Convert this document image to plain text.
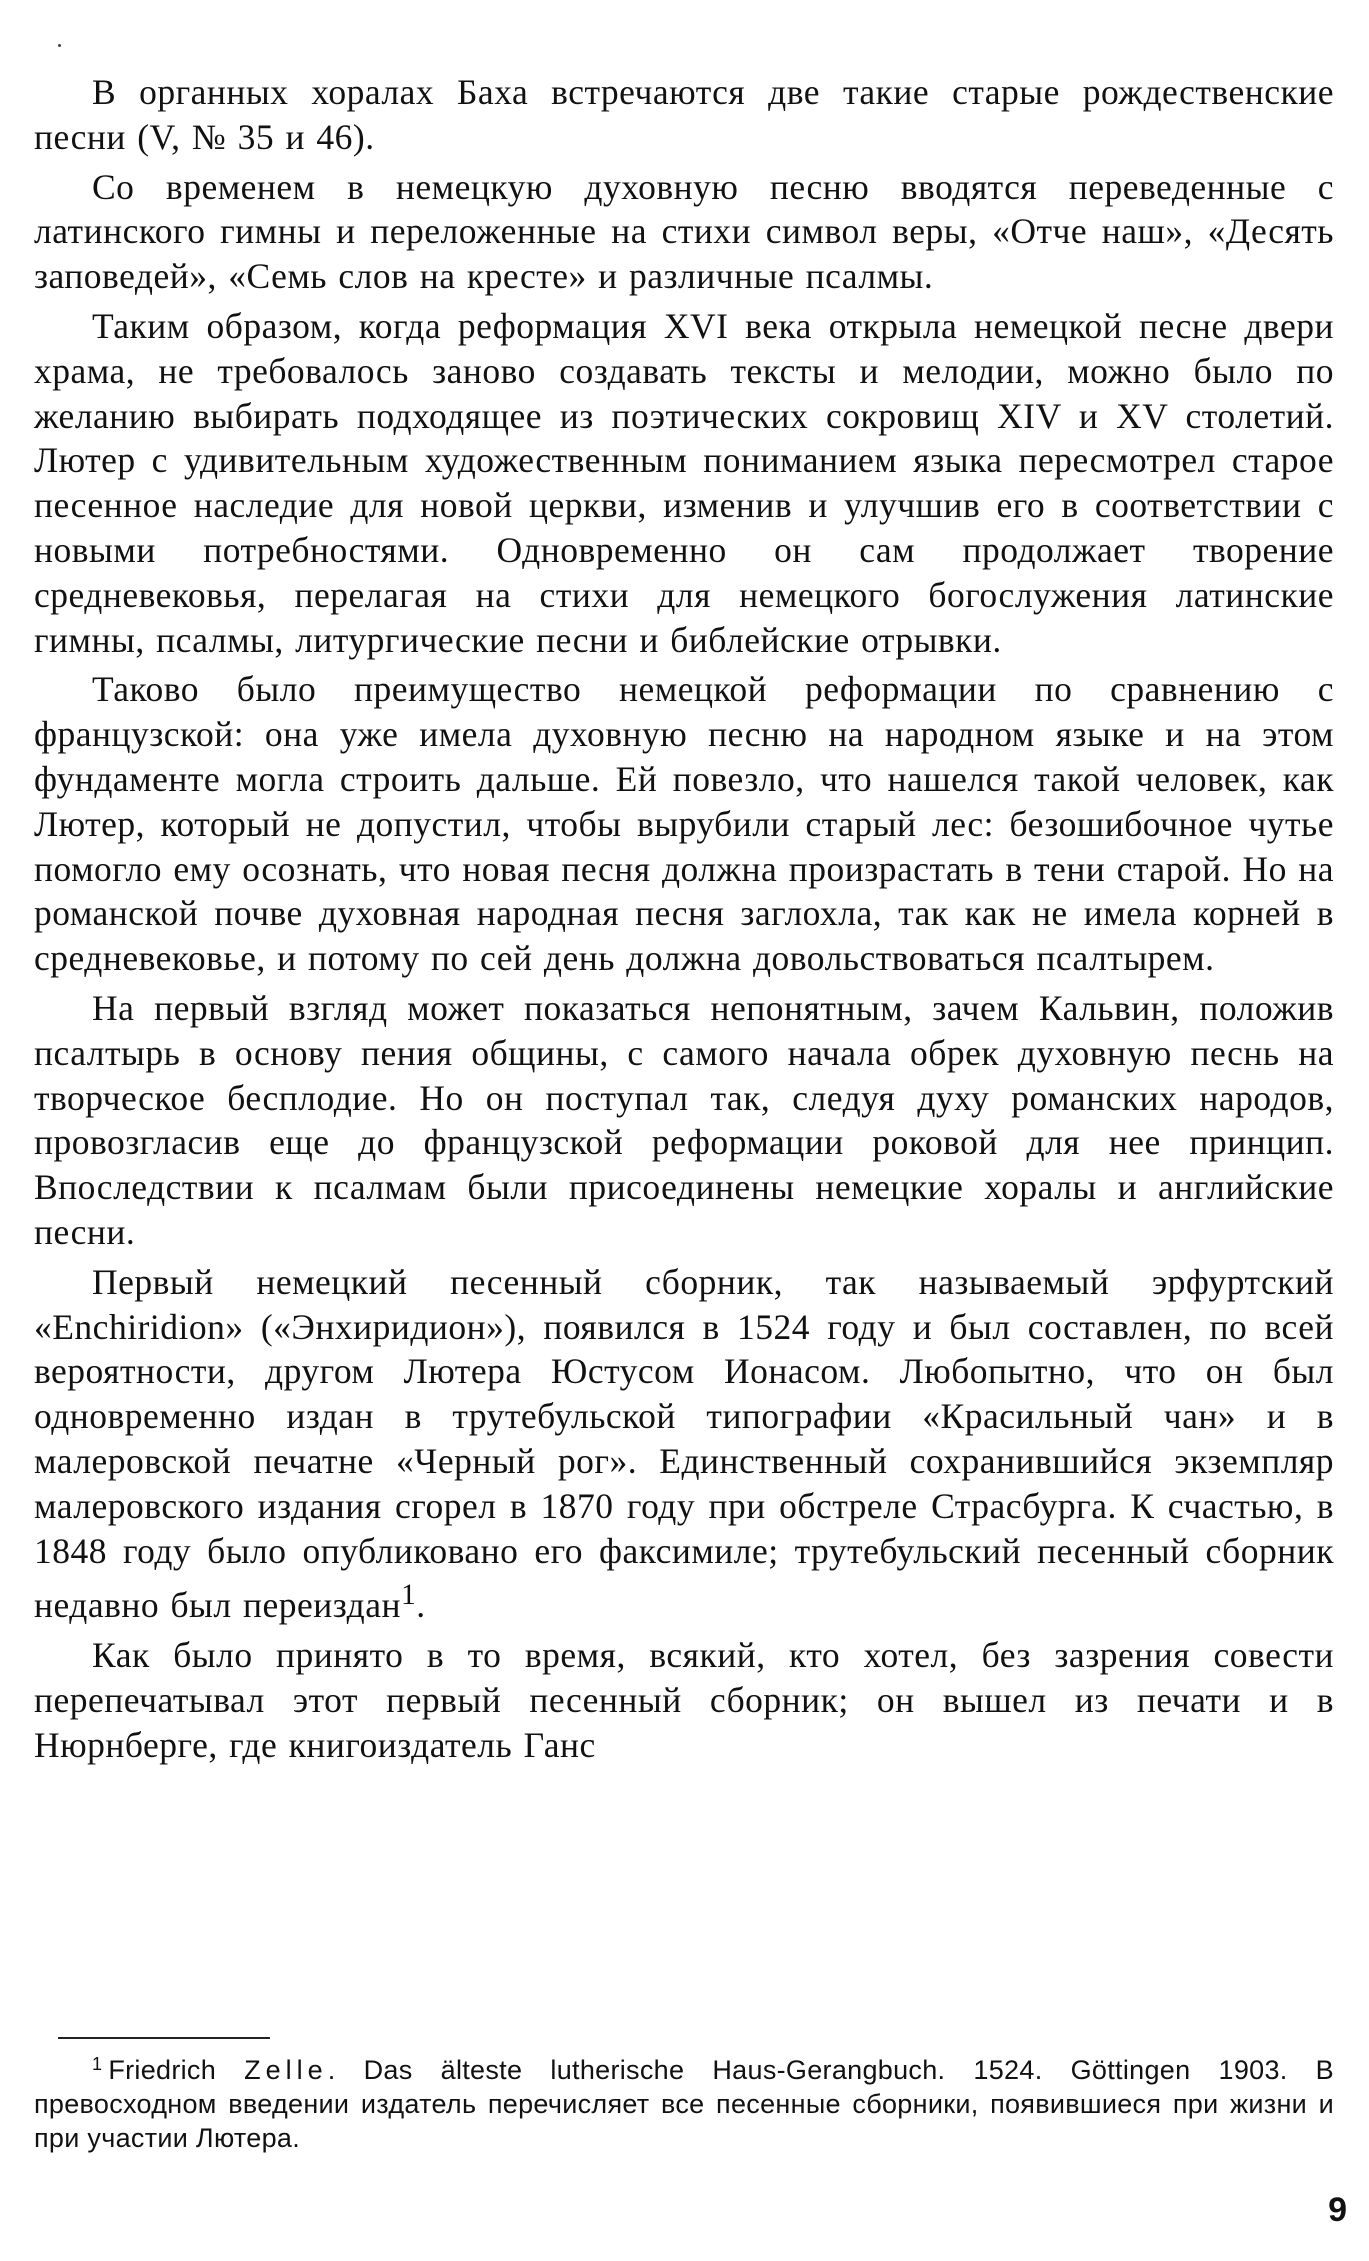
В органных хоралах Баха встречаются две такие старые рождественские песни (V, № 35 и 46).

Со временем в немецкую духовную песню вводятся переведенные с латинского гимны и переложенные на стихи символ веры, «Отче наш», «Десять заповедей», «Семь слов на кресте» и различные псалмы.

Таким образом, когда реформация XVI века открыла немецкой песне двери храма, не требовалось заново создавать тексты и мелодии, можно было по желанию выбирать подходящее из поэтических сокровищ XIV и XV столетий. Лютер с удивительным художественным пониманием языка пересмотрел старое песенное наследие для новой церкви, изменив и улучшив его в соответствии с новыми потребностями. Одновременно он сам продолжает творение средневековья, перелагая на стихи для немецкого богослужения латинские гимны, псалмы, литургические песни и библейские отрывки.

Таково было преимущество немецкой реформации по сравнению с французской: она уже имела духовную песню на народном языке и на этом фундаменте могла строить дальше. Ей повезло, что нашелся такой человек, как Лютер, который не допустил, чтобы вырубили старый лес: безошибочное чутье помогло ему осознать, что новая песня должна произрастать в тени старой. Но на романской почве духовная народная песня заглохла, так как не имела корней в средневековье, и потому по сей день должна довольствоваться псалтырем.

На первый взгляд может показаться непонятным, зачем Кальвин, положив псалтырь в основу пения общины, с самого начала обрек духовную песнь на творческое бесплодие. Но он поступал так, следуя духу романских народов, провозгласив еще до французской реформации роковой для нее принцип. Впоследствии к псалмам были присоединены немецкие хоралы и английские песни.

Первый немецкий песенный сборник, так называемый эрфуртский «Enchiridion» («Энхиридион»), появился в 1524 году и был составлен, по всей вероятности, другом Лютера Юстусом Ионасом. Любопытно, что он был одновременно издан в трутебульской типографии «Красильный чан» и в малеровской печатне «Черный рог». Единственный сохранившийся экземпляр малеровского издания сгорел в 1870 году при обстреле Страсбурга. К счастью, в 1848 году было опубликовано его факсимиле; трутебульский песенный сборник недавно был переиздан$^1$.

Как было принято в то время, всякий, кто хотел, без зазрения совести перепечатывал этот первый песенный сборник; он вышел из печати и в Нюрнберге, где книгоиздатель Ганс

$^1$ Friedrich Zelle. Das älteste lutherische Haus-Gerangbuch. 1524. Göttingen 1903. В превосходном введении издатель перечисляет все песенные сборники, появившиеся при жизни и при участии Лютера.

9
